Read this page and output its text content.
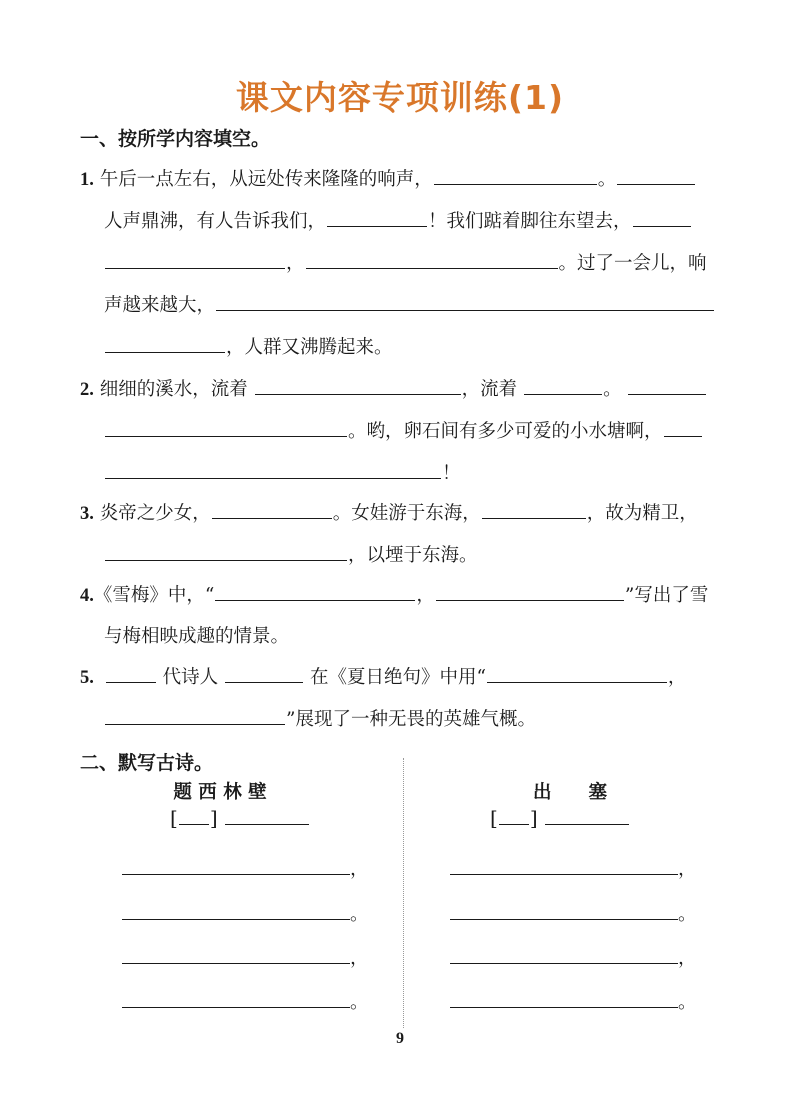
课文内容专项训练(1)
一、按所学内容填空。
1. 午后一点左右，从远处传来隆隆的响声，	。
人声鼎沸，有人告诉我们，	！我们踮着脚往东望去，
，	。过了一会儿，响
声越来越大，
，人群又沸腾起来。
2. 细细的溪水，流着	，流着	。
。哟，卵石间有多少可爱的小水塘啊，
！
3. 炎帝之少女，	。女娃游于东海，	，故为精卫，
，以堙于东海。
4.《雪梅》中，“	，	”写出了雪
与梅相映成趣的情景。
5.	代诗人	在《夏日绝句》中用“	，
”展现了一种无畏的英雄气概。
二、默写古诗。
题 西 林 壁
[ ]
，
。
，
。
出　　塞
[ ]
，
。
，
。
9
